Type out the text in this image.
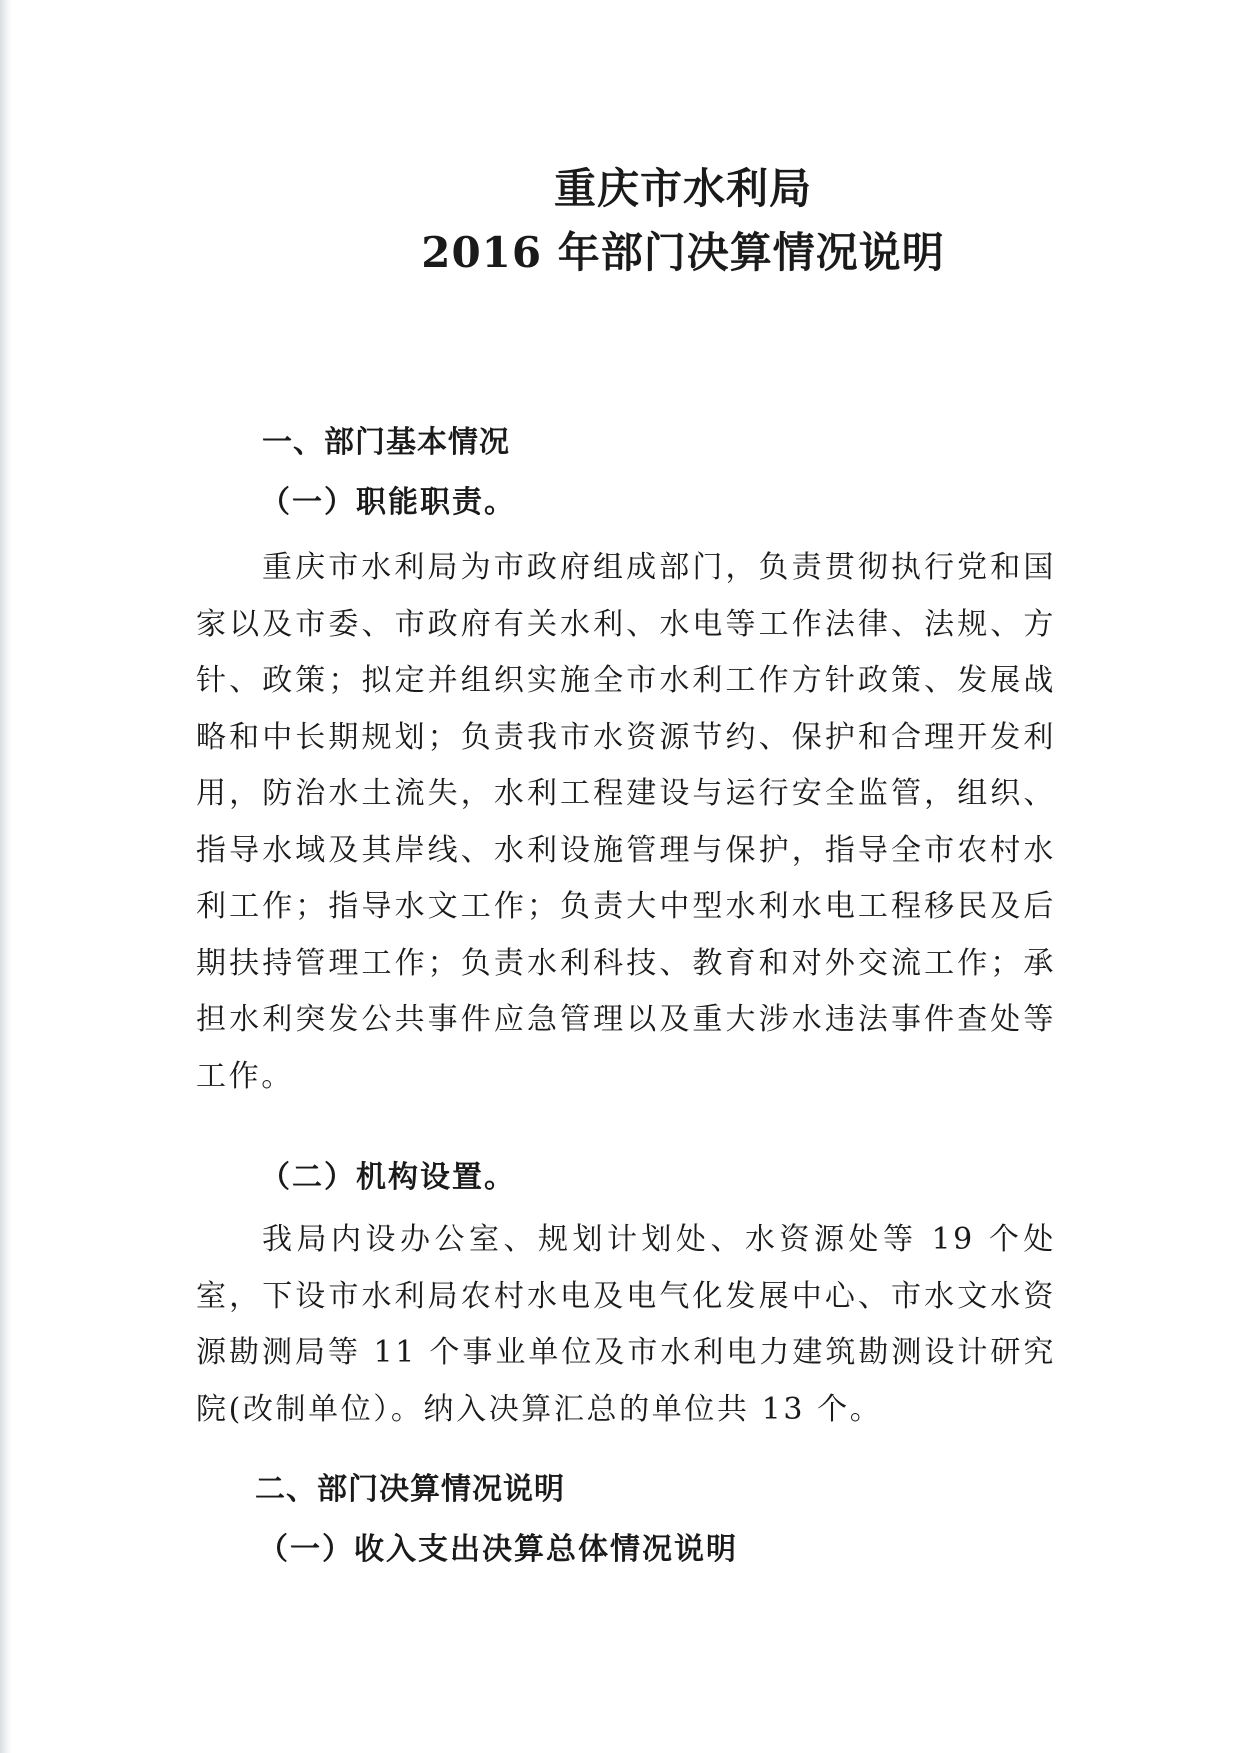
重庆市水利局
2016 年部门决算情况说明
一、部门基本情况
（一）职能职责。

重庆市水利局为市政府组成部门，负责贯彻执行党和国家以及市委、市政府有关水利、水电等工作法律、法规、方针、政策；拟定并组织实施全市水利工作方针政策、发展战略和中长期规划；负责我市水资源节约、保护和合理开发利用，防治水土流失，水利工程建设与运行安全监管，组织、指导水域及其岸线、水利设施管理与保护，指导全市农村水利工作；指导水文工作；负责大中型水利水电工程移民及后期扶持管理工作；负责水利科技、教育和对外交流工作；承担水利突发公共事件应急管理以及重大涉水违法事件查处等工作。

（二）机构设置。

我局内设办公室、规划计划处、水资源处等 19 个处室，下设市水利局农村水电及电气化发展中心、市水文水资源勘测局等 11 个事业单位及市水利电力建筑勘测设计研究院(改制单位）。纳入决算汇总的单位共 13 个。

二、部门决算情况说明
（一）收入支出决算总体情况说明
